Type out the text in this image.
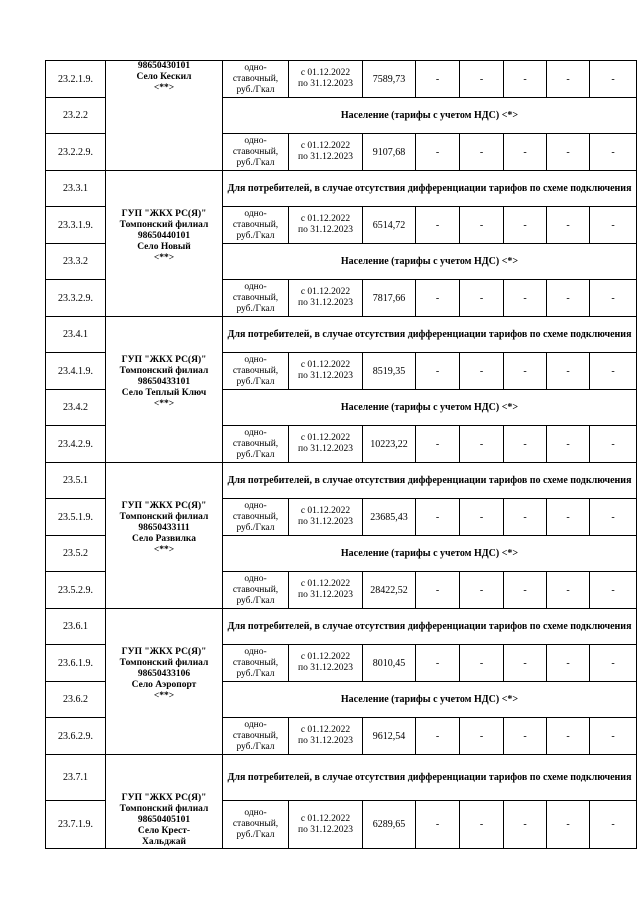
23.2.1.9.	98650430101
Село Кескил
<**>	одно-
ставочный,
руб./Гкал	с 01.12.2022
по 31.12.2023	7589,73	-	-	-	-	-
23.2.2		Население (тарифы с учетом НДС) <*>							
23.2.2.9.		одно-
ставочный,
руб./Гкал	с 01.12.2022
по 31.12.2023	9107,68	-	-	-	-	-
23.3.1	ГУП "ЖКХ РС(Я)"
Томпонский филиал
98650440101
Село Новый
<**>	Для потребителей, в случае отсутствия дифференциации тарифов по схеме подключения							
23.3.1.9.		одно-
ставочный,
руб./Гкал	с 01.12.2022
по 31.12.2023	6514,72	-	-	-	-	-
23.3.2		Население (тарифы с учетом НДС) <*>							
23.3.2.9.		одно-
ставочный,
руб./Гкал	с 01.12.2022
по 31.12.2023	7817,66	-	-	-	-	-
23.4.1	ГУП "ЖКХ РС(Я)"
Томпонский филиал
98650433101
Село Теплый Ключ
<**>	Для потребителей, в случае отсутствия дифференциации тарифов по схеме подключения							
23.4.1.9.		одно-
ставочный,
руб./Гкал	с 01.12.2022
по 31.12.2023	8519,35	-	-	-	-	-
23.4.2		Население (тарифы с учетом НДС) <*>							
23.4.2.9.		одно-
ставочный,
руб./Гкал	с 01.12.2022
по 31.12.2023	10223,22	-	-	-	-	-
23.5.1	ГУП "ЖКХ РС(Я)"
Томпонский филиал
98650433111
Село Развилка
<**>	Для потребителей, в случае отсутствия дифференциации тарифов по схеме подключения							
23.5.1.9.		одно-
ставочный,
руб./Гкал	с 01.12.2022
по 31.12.2023	23685,43	-	-	-	-	-
23.5.2		Население (тарифы с учетом НДС) <*>							
23.5.2.9.		одно-
ставочный,
руб./Гкал	с 01.12.2022
по 31.12.2023	28422,52	-	-	-	-	-
23.6.1	ГУП "ЖКХ РС(Я)"
Томпонский филиал
98650433106
Село Аэропорт
<**>	Для потребителей, в случае отсутствия дифференциации тарифов по схеме подключения							
23.6.1.9.		одно-
ставочный,
руб./Гкал	с 01.12.2022
по 31.12.2023	8010,45	-	-	-	-	-
23.6.2		Население (тарифы с учетом НДС) <*>							
23.6.2.9.		одно-
ставочный,
руб./Гкал	с 01.12.2022
по 31.12.2023	9612,54	-	-	-	-	-
23.7.1	ГУП "ЖКХ РС(Я)"
Томпонский филиал
98650405101
Село Крест-
Хальджай	Для потребителей, в случае отсутствия дифференциации тарифов по схеме подключения							
23.7.1.9.		одно-
ставочный,
руб./Гкал	с 01.12.2022
по 31.12.2023	6289,65	-	-	-	-	-
